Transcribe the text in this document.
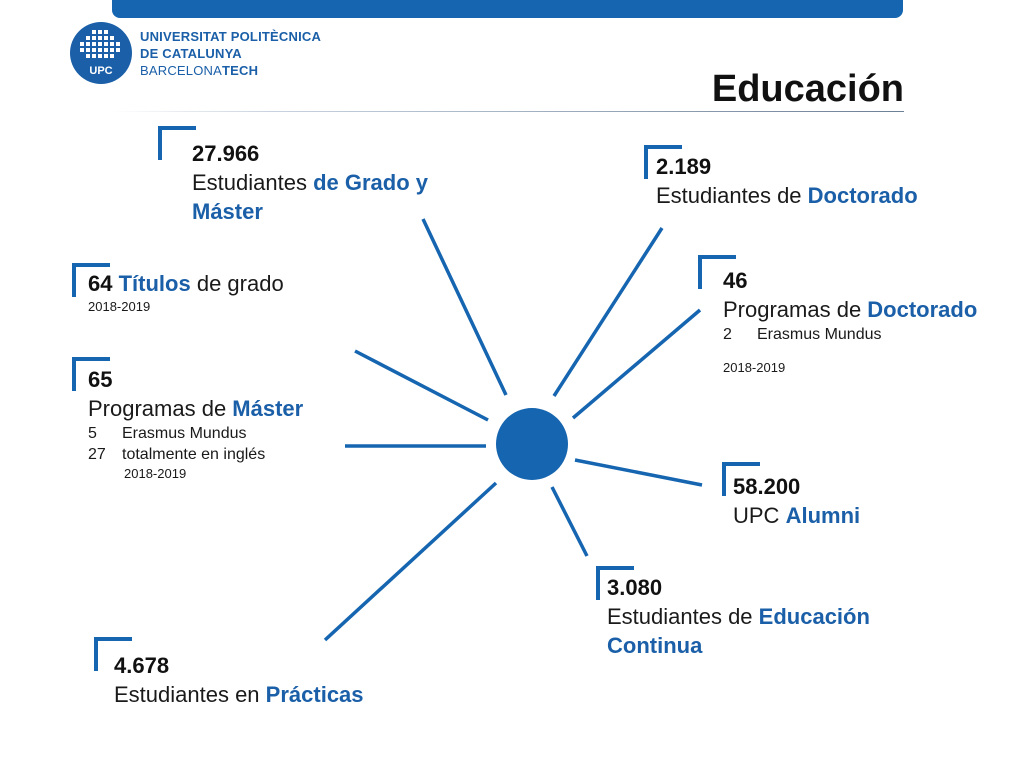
UPC
UNIVERSITAT POLITÈCNICA
DE CATALUNYA
BARCELONATECH	Educación
27.966
Estudiantes de Grado y
Máster
2.189
Estudiantes de Doctorado
64 Títulos de grado
2018-2019
46
Programas de Doctorado
2 Erasmus Mundus
2018-2019
65
Programas de Máster
5 Erasmus Mundus
27 totalmente en inglés
2018-2019
58.200
UPC Alumni
3.080
Estudiantes de Educación
Continua
4.678
Estudiantes en Prácticas
